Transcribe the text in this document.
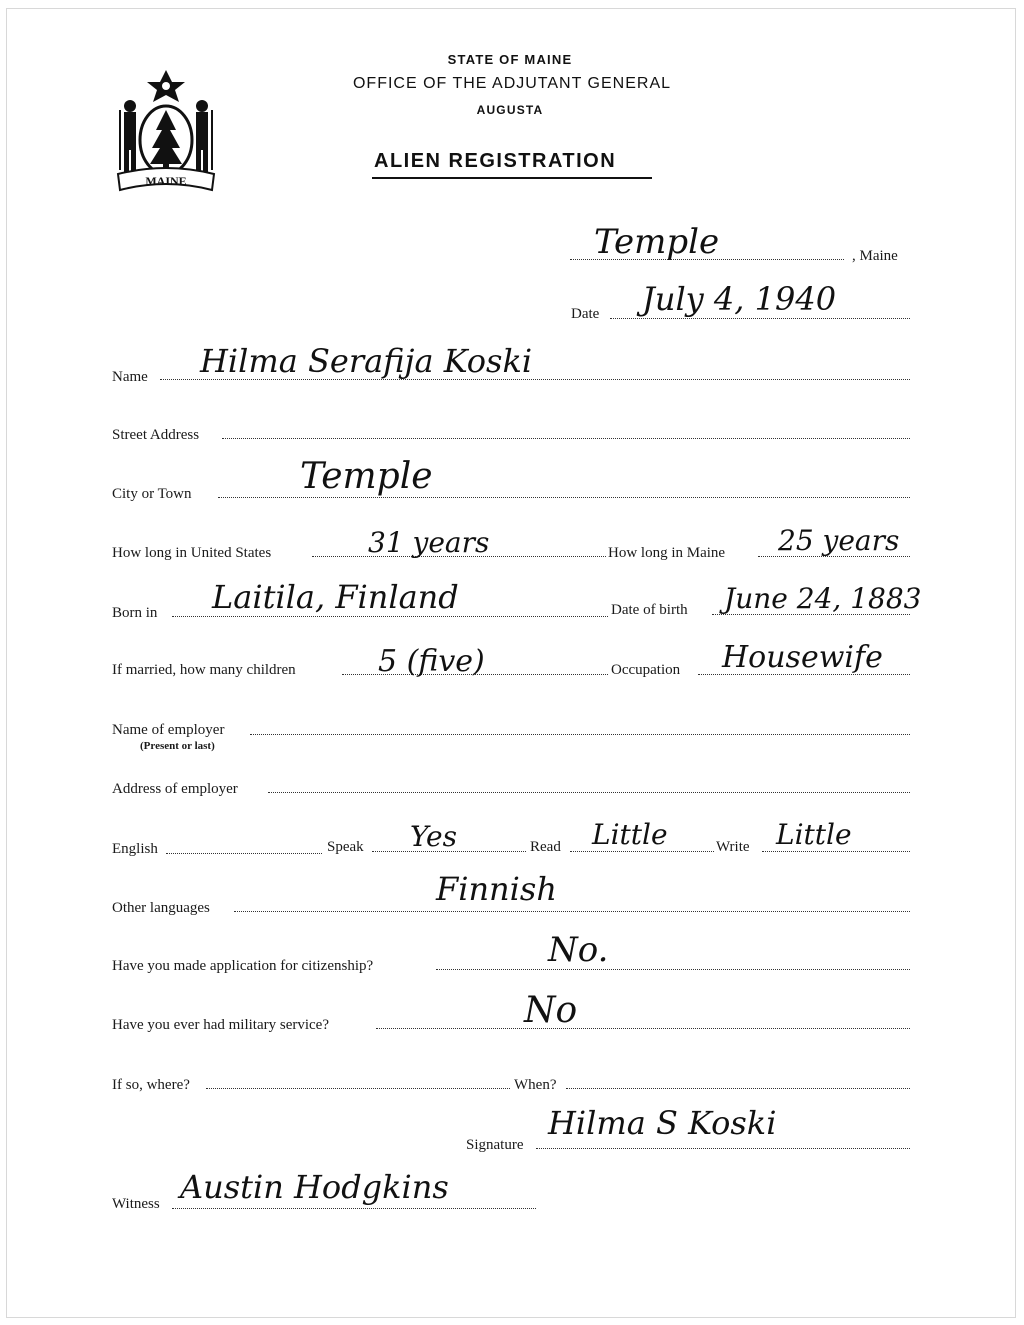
MAINE
STATE OF MAINE
OFFICE OF THE ADJUTANT GENERAL
AUGUSTA
ALIEN REGISTRATION
Temple	, Maine
Date July 4, 1940
Name Hilma Serafija Koski
Street Address
City or Town	Temple
How long in United States	31 years	How long in Maine 25 years
Born in Laitila, Finland	Date of birth June 24, 1883
If married, how many children	5 (five)	Occupation Housewife
Name of employer
(Present or last)
Address of employer
English	Speak Yes	Read Little	Write Little
Other languages	Finnish
Have you made application for citizenship?	No.
Have you ever had military service?	No
If so, where?	When?
Signature
Hilma S Koski
Witness Austin Hodgkins
